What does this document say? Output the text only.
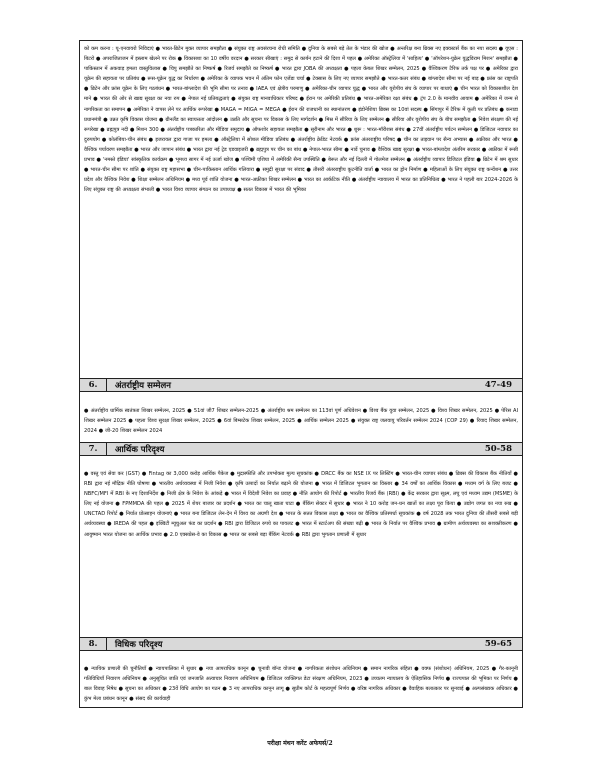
को कम करना : यू-एनवायरो निविदाएं ● भारत-ब्रिटेन मुक्त व्यापार समझौता ● संयुक्त राष्ट्र अवसंरचना रोधी समिति ● दुनिया के सबसे बड़े तेल के भंडार की खोज ● अन्तरिक्ष बना ब्रिक्स नए इक्वस्टर्स बैंक का नया सदस्य ● यूएस : बिटरो ● अपराजिताजन में इस्लाम खेलने पर रोक ● विकासशा का 10 वर्षीय वरदान ● सरकार सीखाएं : समुद्र से कार्बन हटाने की दिशा में पहल ● अमेरिका ऑस्ट्रेलिया में 'साहित्य' ● 'ऑपरेशन-युक्रेन युद्धविराम मिशन' समझौता ● पाकिस्तान में अकवाड़ हमला वास्तुविलास ● चिपु समझौते का निष्कर्ष ● रिजर्व समझौते का निष्कर्ष ● भारत द्वारा JOBA की अध्यक्षता ● पहला केबल शिखर सम्मेलन, 2025 ● वैश्विकरण टैरिफ तर्क पक्ष पर ● अमेरिका द्वारा यूक्रेन की सहायता पर प्रतिबंध ● रूस-यूक्रेन युद्ध का निर्धारण ● अमेरिका के व्यापक भवन में अंतिम फोन एजेंडा चर्चा ● टेक्सास के लिए नए व्यापार समझौते ● भारत-कतर संबंध ● बांग्लादेश सीमा पर नई बाड़ ● फ्रांस का राष्ट्रपति ● ब्रिटेन और फ्रांस यूक्रेन के लिए गठबंधन ● भारत-बांग्लादेश की भूमि सीमा पर तनाव ● IAEA एवं क्षेत्रीय परमाणु ● अमेरिका-चीन व्यापार युद्ध ● भारत और यूरोपीय संघ के व्यापार पर बाधाएं ● चीन भारत को विकासशील देश माने ● भारत की ओर से खाद्य सुरक्षा का नया रुप ● नेपाल नई प्रतिबद्धताएं ● संयुक्त राष्ट्र मानवाधिकार परिषद ● ईरान पर अमेरिकी प्रतिबंध ● भारत-अमेरिका रक्षा संबंध ● ट्रंप 2.0 के मानवीय आयाम ● अमेरिका में जन्म से नागरिकता का समापन ● अमेरिका ने वापस लेने पर आर्थिक रूपरेखा ● MAGA = MIGA = MEGA ● ईरान की राजधानी का स्थानांतरण ● इंडोनेशिया ब्रिक्स का 10वां सदस्य ● सिंगापुर में टैरिफ में कूली पर प्रतिबंध ● कनाडा प्रधानमंत्री ● उन्नत कृषि विकास योजना ● ग्रीनलैंड का स्वायत्तता आंदोलन ● उन्नति और सूचना पर विकास के लिए मार्गदर्शन ● मिस्र में सीरिया के लिए सम्मेलन ● सीरिया और यूरोपीय संघ के बीच समझौता ● निवेश संरक्षण की नई रूपरेखा ● ब्रह्मपुत्र नदी ● मिशन 300 ● अंतर्राष्ट्रीय पत्रकारिता और मीडिया समुदाय ● ऑफशोर सहायता समझौता ● सूरीनाम और भारत ● शुरू : भारत-मॉरीशस संबंध ● 27वीं अंतर्राष्ट्रीय पर्यटन सम्मेलन ● डिजिटल नवाचार का दुरुपयोग ● कोलंबिया-चीन संबंध ● इजरायल द्वारा गाजा पर हमला ● ऑस्ट्रेलिया में सोशल मीडिया प्रतिबंध ● अंतर्राष्ट्रीय क्रेडिट नेटवर्क ● फ्रांस अंतरराष्ट्रीय परिषद ● चीन का ताइवान पर सैन्य अभ्यास ● अफ्रीका और भारत ● वैश्विक पर्यावरण समझौता ● भारत और जापान संबंध ● भारत द्वारा नई ट्रेड एडवाइजरी ● ब्रह्मपुत्र पर चीन का बांध ● नेपाल-भारत सीमा ● नार्वे चुनाव ● वैश्विक खाद्य सुरक्षा ● भारत-बांग्लादेश अंतरिम सरकार ● अफ्रीका में रूसी प्रभाव ● 'नमस्ते इंडिया' सांस्कृतिक कार्यक्रम ● भूमध्य सागर में नई ऊर्जा खोज ● पश्चिमी एशिया में अमेरिकी सैन्य उपस्थिति ● बेरूत और नई दिल्ली में गोलमेज सम्मेलन ● अंतर्राष्ट्रीय व्यापार डिजिटल इंडिया ● ब्रिटेन में श्रम सुधार ● भारत-चीन सीमा पर शांति ● संयुक्त राष्ट्र महासभा ● चीन-पाकिस्तान आर्थिक गलियारा ● समुद्री सुरक्षा पर संवाद ● तीसरी अंतरराष्ट्रीय कूटनीति वार्ता ● भारत का ड्रोन निर्माण ● महिलाओं के लिए संयुक्त राष्ट्र कन्वेंशन ● उत्तर प्रदेश और वैश्विक निवेश ● शिक्षा सम्मेलन अधिनियम ● मध्य पूर्व शांति योजना ● भारत-अफ्रीका शिखर सम्मेलन ● भारत का आर्कटिक नीति ● अंतर्राष्ट्रीय न्यायालय में भारत का प्रतिनिधित्व ● भारत ने पहली बार 2024-2026 के लिए संयुक्त राष्ट्र की अध्यक्षता संभाली ● भारत विश्व व्यापार संगठन का उपाध्यक्ष ● सतत विकास में भारत की भूमिका
6.	अंतर्राष्ट्रीय सम्मेलन	47-49
● अंतर्राष्ट्रीय धार्मिक स्वतंत्रता शिखर सम्मेलन, 2025 ● 51वां जी7 शिखर सम्मेलन-2025 ● अंतर्राष्ट्रीय श्रम सम्मेलन का 113वां पूर्ण अधिवेशन ● विश्व बैंक युवा सम्मेलन, 2025 ● विश्व शिखर सम्मेलन, 2025 ● पेरिस AI शिखर सम्मेलन 2025 ● पहला विश्व सुरक्षा शिखर सम्मेलन, 2025 ● 6वां बिम्सटेक शिखर सम्मेलन, 2025 ● आर्थिक सम्मेलन 2025 ● संयुक्त राष्ट्र जलवायु परिवर्तन सम्मेलन 2024 (COP 29) ● रियाद शिखर सम्मेलन, 2024 ● जी-20 शिखर सम्मेलन 2024
7.	आर्थिक परिदृश्य	50-58
● वस्तु एवं सेवा कर (GST) ● Fintag का 3,000 करोड़ आर्थिक पैकेज ● मुद्रास्फीति और उपभोक्ता मूल्य सूचकांक ● DRCC बैंक का NSE IX पर लिस्टिंग ● भारत-चीन व्यापार संबंध ● ब्रिक्स की विकास बैंक नीतियाँ ● RBI द्वारा नई मौद्रिक नीति घोषणा ● भारतीय अर्थव्यवस्था में निजी निवेश ● कृषि उत्पादों का निर्यात बढ़ाने की योजना ● भारत में डिजिटल भुगतान का विस्तार ● 34 वर्षों का आर्थिक विकास ● मध्यम वर्ग के लिए बजट ● NBFC/MFI में RBI के नए दिशानिर्देश ● निजी क्षेत्र के निवेश के आंकड़े ● भारत में विदेशी निवेश का प्रवाह ● नीति आयोग की रिपोर्ट ● भारतीय रिजर्व बैंक (RBI) ● केंद्र सरकार द्वारा सूक्ष्म, लघु एवं मध्यम उद्यम (MSME) के लिए नई योजना ● FPMMDA की पहल ● 2025 में शेयर बाजार का प्रदर्शन ● भारत का चालू खाता घाटा ● बैंकिंग सेक्टर में सुधार ● भारत ने 10 करोड़ जन-धन खातों का लक्ष्य पूरा किया ● उद्योग जगत का नया रुख ● UNCTAD रिपोर्ट ● निर्यात प्रोत्साहन योजनाएं ● भारत बना डिजिटल लेन-देन में विश्व का अग्रणी देश ● भारत के सतत विकास लक्ष्य ● भारत का वैश्विक प्रतिस्पर्धा सूचकांक ● वर्ष 2028 तक भारत दुनिया की तीसरी सबसे बड़ी अर्थव्यवस्था ● IREDA की पहल ● इक्विटी म्यूचुअल फंड का प्रदर्शन ● RBI द्वारा डिजिटल रुपये का पायलट ● भारत में स्टार्टअप की संख्या बढ़ी ● भारत के निर्यात पर वैश्विक प्रभाव ● ग्रामीण अर्थव्यवस्था का सशक्तीकरण ● आयुष्मान भारत योजना का आर्थिक प्रभाव ● 2.0 एक्सप्रेस-वे का विकास ● भारत का सबसे बड़ा बैंकिंग नेटवर्क ● RBI द्वारा भुगतान प्रणाली में सुधार
8.	विधिक परिदृश्य	59-65
● न्यायिक प्रणाली की चुनौतियाँ ● न्यायपालिका में सुधार ● नया आपराधिक कानून ● चुनावी बॉन्ड योजना ● नागरिकता संशोधन अधिनियम ● समान नागरिक संहिता ● वक्फ (संशोधन) अधिनियम, 2025 ● गैर-कानूनी गतिविधियाँ निवारण अधिनियम ● अनुसूचित जाति एवं जनजाति अत्याचार निवारण अधिनियम ● डिजिटल व्यक्तिगत डेटा संरक्षण अधिनियम, 2023 ● उच्चतम न्यायालय के ऐतिहासिक निर्णय ● राज्यपाल की भूमिका पर निर्णय ● बाल विवाह निषेध ● सूचना का अधिकार ● 23वें विधि आयोग का गठन ● 3 नए आपराधिक कानून लागू ● सुप्रीम कोर्ट के महत्वपूर्ण निर्णय ● वरिष्ठ नागरिक अधिकार ● वैवाहिक बलात्कार पर सुनवाई ● अल्पसंख्यक अधिकार ● कुंभ मेला प्रबंधन कानून ● संसद की कार्यवाही
परीक्षा मंथन करेंट अफेयर्स/2
